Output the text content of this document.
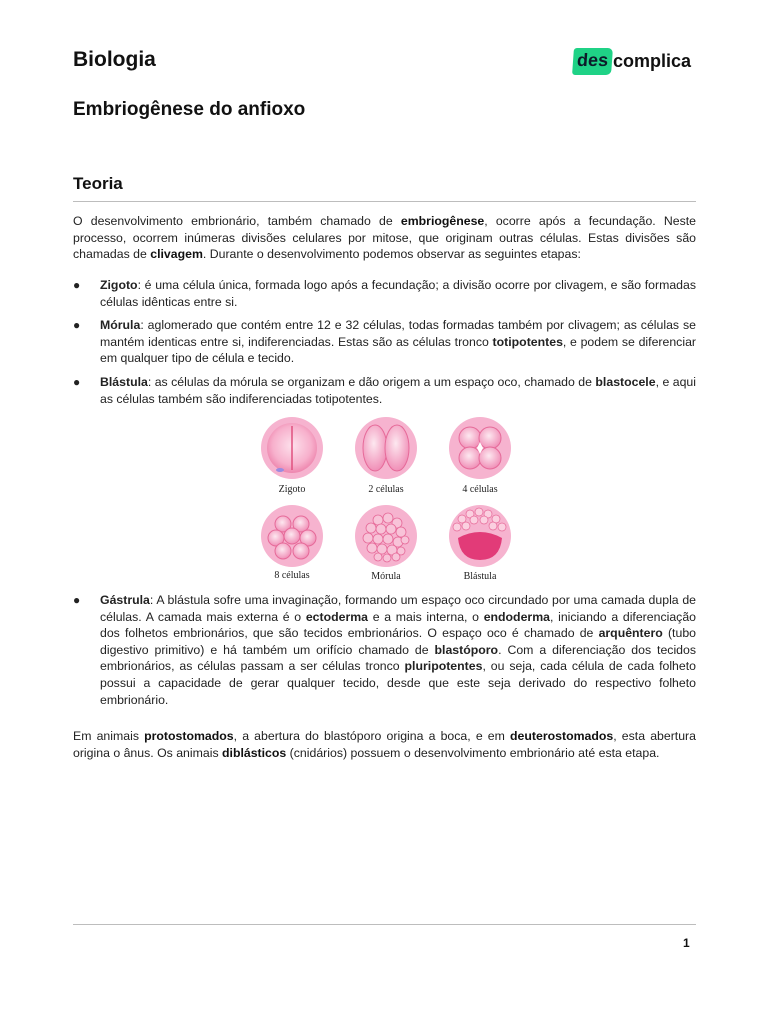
Biologia	des complica
Embriogênese do anfioxo
Teoria

O desenvolvimento embrionário, também chamado de embriogênese, ocorre após a fecundação. Neste processo, ocorrem inúmeras divisões celulares por mitose, que originam outras células. Estas divisões são chamadas de clivagem. Durante o desenvolvimento podemos observar as seguintes etapas:

● Zigoto: é uma célula única, formada logo após a fecundação; a divisão ocorre por clivagem, e são formadas células idênticas entre si.
● Mórula: aglomerado que contém entre 12 e 32 células, todas formadas também por clivagem; as células se mantém identicas entre si, indiferenciadas. Estas são as células tronco totipotentes, e podem se diferenciar em qualquer tipo de célula e tecido.
● Blástula: as células da mórula se organizam e dão origem a um espaço oco, chamado de blastocele, e aqui as células também são indiferenciadas totipotentes.
Zigoto	2 células	4 células
8 células	Mórula	Blástula
● Gástrula: A blástula sofre uma invaginação, formando um espaço oco circundado por uma camada dupla de células. A camada mais externa é o ectoderma e a mais interna, o endoderma, iniciando a diferenciação dos folhetos embrionários, que são tecidos embrionários. O espaço oco é chamado de arquêntero (tubo digestivo primitivo) e há também um orifício chamado de blastóporo. Com a diferenciação dos tecidos embrionários, as células passam a ser células tronco pluripotentes, ou seja, cada célula de cada folheto possui a capacidade de gerar qualquer tecido, desde que este seja derivado do respectivo folheto embrionário.

Em animais protostomados, a abertura do blastóporo origina a boca, e em deuterostomados, esta abertura origina o ânus. Os animais diblásticos (cnidários) possuem o desenvolvimento embrionário até esta etapa.

1
